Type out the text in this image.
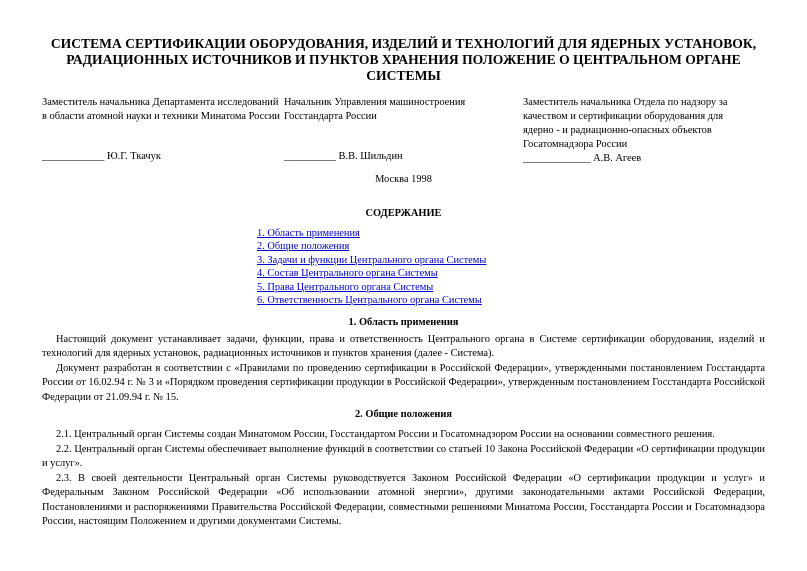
СИСТЕМА СЕРТИФИКАЦИИ ОБОРУДОВАНИЯ, ИЗДЕЛИЙ И ТЕХНОЛОГИЙ ДЛЯ ЯДЕРНЫХ УСТАНОВОК, РАДИАЦИОННЫХ ИСТОЧНИКОВ И ПУНКТОВ ХРАНЕНИЯ ПОЛОЖЕНИЕ О ЦЕНТРАЛЬНОМ ОРГАНЕ СИСТЕМЫ
Заместитель начальника Департамента исследований в области атомной науки и техники Минатома России
____________ Ю.Г. Ткачук
Начальник Управления машиностроения Госстандарта России
__________ В.В. Шильдин
Заместитель начальника Отдела по надзору за качеством и сертификации оборудования для ядерно - и радиационно-опасных объектов Госатомнадзора России
_____________ А.В. Агеев
Москва 1998
СОДЕРЖАНИЕ
1. Область применения
2. Общие положения
3. Задачи и функции Центрального органа Системы
4. Состав Центрального органа Системы
5. Права Центрального органа Системы
6. Ответственность Центрального органа Системы
1. Область применения
Настоящий документ устанавливает задачи, функции, права и ответственность Центрального органа в Системе сертификации оборудования, изделий и технологий для ядерных установок, радиационных источников и пунктов хранения (далее - Система).
Документ разработан в соответствии с «Правилами по проведению сертификации в Российской Федерации», утвержденными постановлением Госстандарта России от 16.02.94 г. № 3 и «Порядком проведения сертификации продукции в Российской Федерации», утвержденным постановлением Госстандарта Российской Федерации от 21.09.94 г. № 15.
2. Общие положения
2.1. Центральный орган Системы создан Минатомом России, Госстандартом России и Госатомнадзором России на основании совместного решения.
2.2. Центральный орган Системы обеспечивает выполнение функций в соответствии со статьей 10 Закона Российской Федерации «О сертификации продукции и услуг».
2.3. В своей деятельности Центральный орган Системы руководствуется Законом Российской Федерации «О сертификации продукции и услуг» и Федеральным Законом Российской Федерации «Об использовании атомной энергии», другими законодательными актами Российской Федерации, Постановлениями и распоряжениями Правительства Российской Федерации, совместными решениями Минатома России, Госстандарта России и Госатомнадзора России, настоящим Положением и другими документами Системы.
